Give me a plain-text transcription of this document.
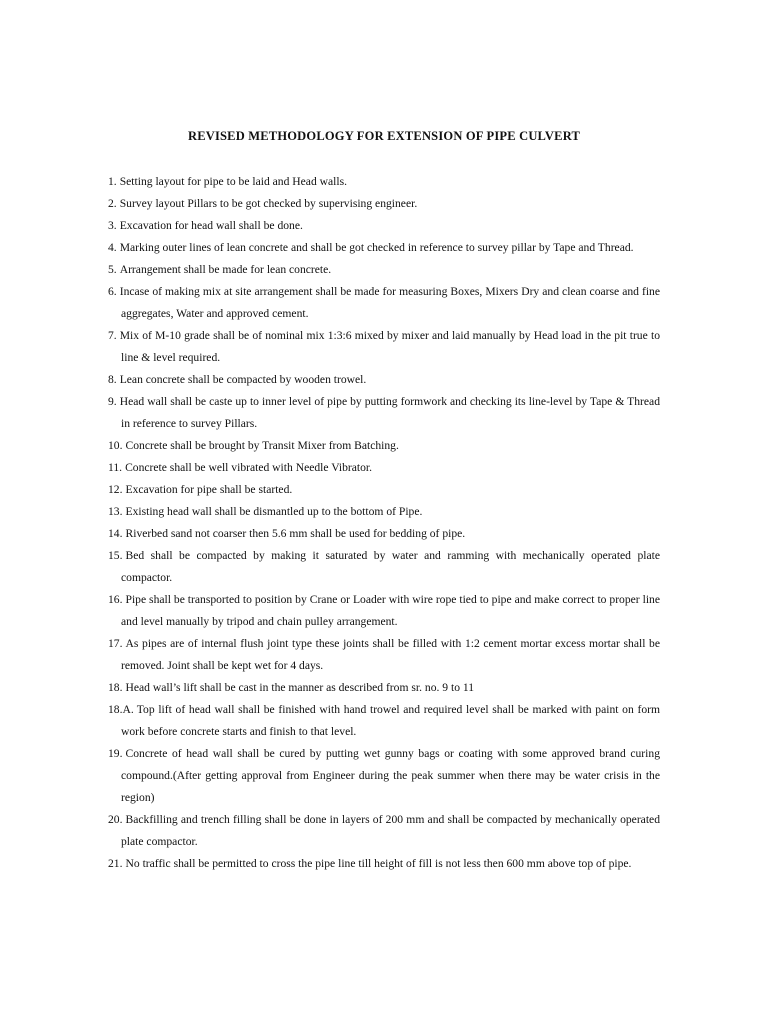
REVISED METHODOLOGY FOR EXTENSION OF PIPE CULVERT
1. Setting layout for pipe to be laid and Head walls.
2. Survey layout Pillars to be got checked by supervising engineer.
3. Excavation for head wall shall be done.
4. Marking outer lines of lean concrete and shall be got checked in reference to survey pillar by Tape and Thread.
5. Arrangement shall be made for lean concrete.
6. Incase of making mix at site arrangement shall be made for measuring Boxes, Mixers Dry and clean coarse and fine aggregates, Water and approved cement.
7. Mix of M-10 grade shall be of nominal mix 1:3:6 mixed by mixer and laid manually by Head load in the pit true to line & level required.
8. Lean concrete shall be compacted by wooden trowel.
9. Head wall shall be caste up to inner level of pipe by putting formwork and checking its line-level by Tape & Thread in reference to survey Pillars.
10. Concrete shall be brought by Transit Mixer from Batching.
11. Concrete shall be well vibrated with Needle Vibrator.
12. Excavation for pipe shall be started.
13. Existing head wall shall be dismantled up to the bottom of Pipe.
14. Riverbed sand not coarser then 5.6 mm shall be used for bedding of pipe.
15. Bed shall be compacted by making it saturated by water and ramming with mechanically operated plate compactor.
16. Pipe shall be transported to position by Crane or Loader with wire rope tied to pipe and make correct to proper line and level manually by tripod and chain pulley arrangement.
17. As pipes are of internal flush joint type these joints shall be filled with 1:2 cement mortar excess mortar shall be removed. Joint shall be kept wet for 4 days.
18. Head wall’s lift shall be cast in the manner as described from sr. no. 9 to 11
18.A. Top lift of head wall shall be finished with hand trowel and required level shall be marked with paint on form work before concrete starts and finish to that level.
19. Concrete of head wall shall be cured by putting wet gunny bags or coating with some approved brand curing compound.(After getting approval from Engineer during the peak summer when there may be water crisis in the region)
20. Backfilling and trench filling shall be done in layers of 200 mm and shall be compacted by mechanically operated plate compactor.
21. No traffic shall be permitted to cross the pipe line till height of fill is not less then 600 mm above top of pipe.
